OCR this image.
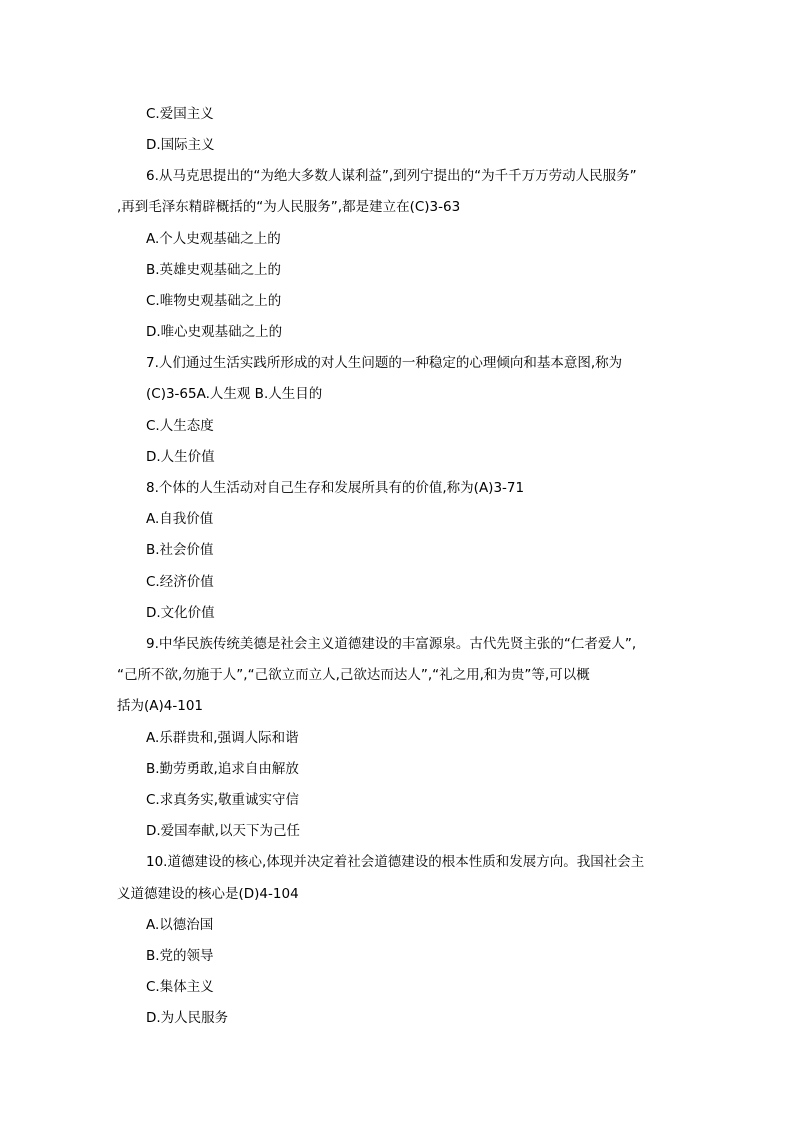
C.爱国主义
D.国际主义
6.从马克思提出的“为绝大多数人谋利益”,到列宁提出的“为千千万万劳动人民服务”
,再到毛泽东精辟概括的“为人民服务”,都是建立在(C)3-63
A.个人史观基础之上的
B.英雄史观基础之上的
C.唯物史观基础之上的
D.唯心史观基础之上的
7.人们通过生活实践所形成的对人生问题的一种稳定的心理倾向和基本意图,称为
(C)3-65A.人生观 B.人生目的
C.人生态度
D.人生价值
8.个体的人生活动对自己生存和发展所具有的价值,称为(A)3-71
A.自我价值
B.社会价值
C.经济价值
D.文化价值
9.中华民族传统美德是社会主义道德建设的丰富源泉。古代先贤主张的“仁者爱人”,
“己所不欲,勿施于人”,“己欲立而立人,己欲达而达人”,“礼之用,和为贵”等,可以概
括为(A)4-101
A.乐群贵和,强调人际和谐
B.勤劳勇敢,追求自由解放
C.求真务实,敬重诚实守信
D.爱国奉献,以天下为己任
10.道德建设的核心,体现并决定着社会道德建设的根本性质和发展方向。我国社会主
义道德建设的核心是(D)4-104
A.以德治国
B.党的领导
C.集体主义
D.为人民服务
